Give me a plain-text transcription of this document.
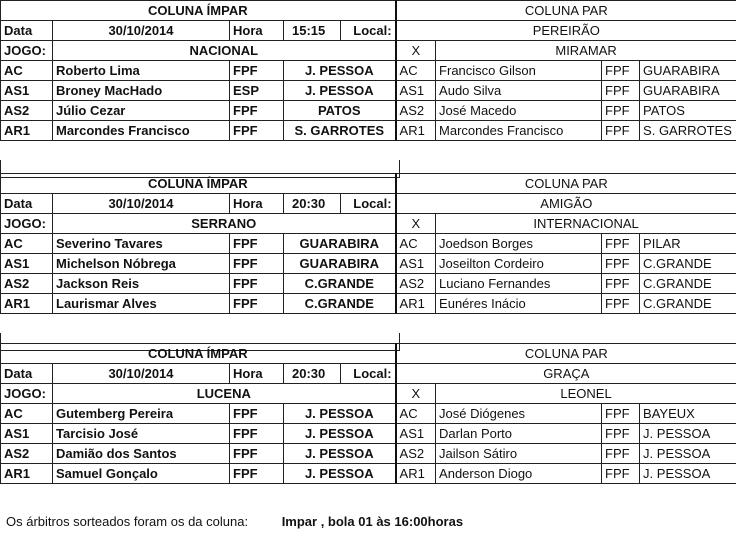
COLUNA ÍMPAR				COLUNA PAR			
Data	30/10/2014	Hora	15:15 Local:	PEREIRÃO			
JOGO:	NACIONAL			X	MIRAMAR		
AC	Roberto Lima	FPF	J. PESSOA	AC	Francisco Gilson	FPF	GUARABIRA
AS1	Broney MacHado	ESP	J. PESSOA	AS1	Audo Silva	FPF	GUARABIRA
AS2	Júlio Cezar	FPF	PATOS	AS2	José Macedo	FPF	PATOS
AR1	Marcondes Francisco	FPF	S. GARROTES	AR1	Marcondes Francisco	FPF	S. GARROTES
COLUNA ÍMPAR				COLUNA PAR			
Data	30/10/2014	Hora	20:30 Local:	AMIGÃO			
JOGO:	SERRANO			X	INTERNACIONAL		
AC	Severino Tavares	FPF	GUARABIRA	AC	Joedson Borges	FPF	PILAR
AS1	Michelson Nóbrega	FPF	GUARABIRA	AS1	Joseilton Cordeiro	FPF	C.GRANDE
AS2	Jackson Reis	FPF	C.GRANDE	AS2	Luciano Fernandes	FPF	C.GRANDE
AR1	Laurismar Alves	FPF	C.GRANDE	AR1	Eunéres Inácio	FPF	C.GRANDE
COLUNA ÍMPAR				COLUNA PAR			
Data	30/10/2014	Hora	20:30 Local:	GRAÇA			
JOGO:	LUCENA			X	LEONEL		
AC	Gutemberg Pereira	FPF	J. PESSOA	AC	José Diógenes	FPF	BAYEUX
AS1	Tarcisio José	FPF	J. PESSOA	AS1	Darlan Porto	FPF	J. PESSOA
AS2	Damião dos Santos	FPF	J. PESSOA	AS2	Jailson Sátiro	FPF	J. PESSOA
AR1	Samuel Gonçalo	FPF	J. PESSOA	AR1	Anderson Diogo	FPF	J. PESSOA
Os árbitros sorteados foram os da coluna:	Impar , bola 01 às 16:00horas
